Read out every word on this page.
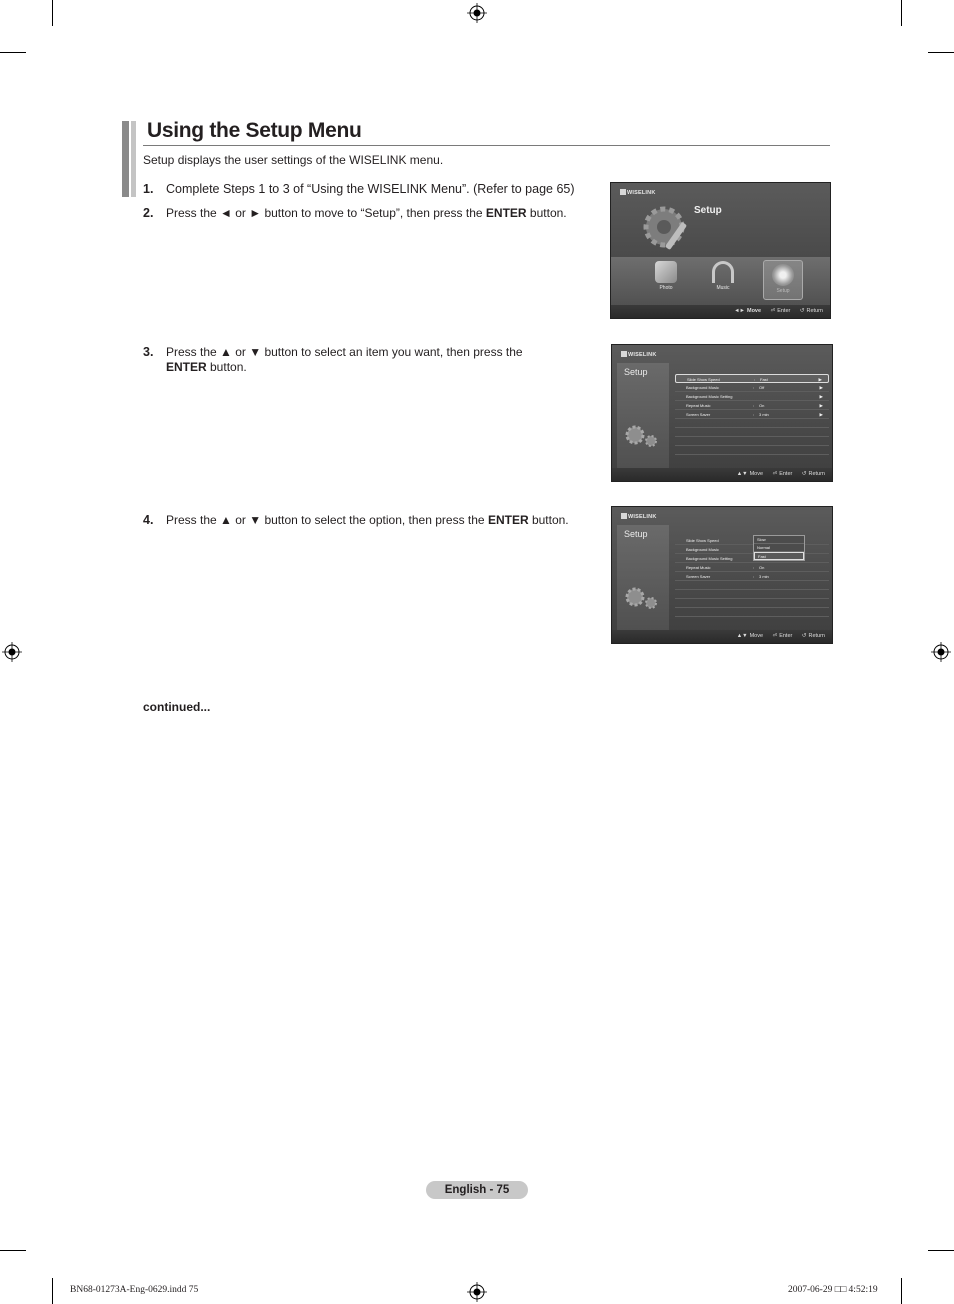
Using the Setup Menu

Setup displays the user settings of the WISELINK menu.

1. Complete Steps 1 to 3 of “Using the WISELINK Menu”. (Refer to page 65)
2. Press the ◄ or ► button to move to “Setup”, then press the ENTER button.
3. Press the ▲ or ▼ button to select an item you want, then press the
ENTER button.
4. Press the ▲ or ▼ button to select the option, then press the ENTER button.
WISELINK
Setup
Photo	Music	Setup
◄► Move ⏎ Enter ↺ Return
WISELINK
Setup
Slide Show Speed	: Fast	▶
Background Music	: Off	▶
Background Music Setting	▶
Repeat Music	: On	▶
Screen Saver	: 3 min	▶
▲▼ Move ⏎ Enter ↺ Return
WISELINK
Setup
Slide Show Speed
Background Music
Background Music Setting
Repeat Music	: On
Screen Saver	: 3 min
Slow
Normal
Fast
▲▼ Move ⏎ Enter ↺ Return
continued...
English - 75
BN68-01273A-Eng-0629.indd 75	2007-06-29 □□ 4:52:19
